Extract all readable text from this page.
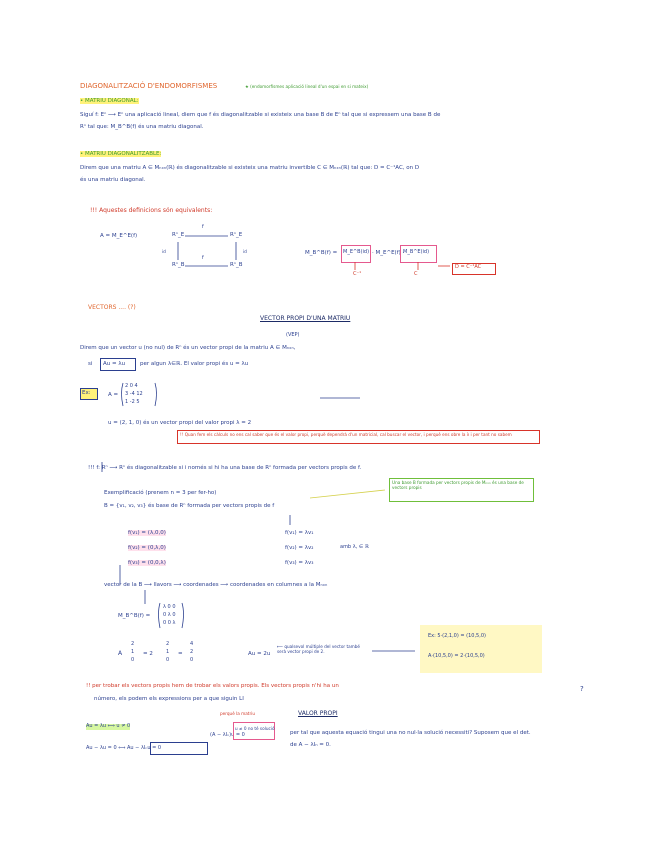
DIAGONALITZACIÓ D'ENDOMORFISMES	★ (endomorfismes aplicació lineal d'un espai en si mateix)
• MATRIU DIAGONAL:
Siguí f: Eⁿ ⟶ Eⁿ una aplicació lineal, diem que f és diagonalitzable si existeix una base B de Eⁿ tal que si expressem una base B de
Rⁿ tal que: M_B^B(f) és una matriu diagonal.
• MATRIU DIAGONALITZABLE:
Direm que una matriu A ∈ Mₙₓₙ(ℝ) és diagonalitzable si existeix una matriu invertible C ∈ Mₙₓₙ(ℝ) tal que: D = C⁻¹AC, on D
és una matriu diagonal.
!!! Aquestes definicions són equivalents:
A = M_E^E(f)	Rⁿ_E	Rⁿ_E
f
Rⁿ_B	Rⁿ_B
f
id	id	M_B^B(f) = M_E^B(id) · M_E^E(f) ·
M_B^E(id)
C⁻¹	C
D = C⁻¹AC
VECTORS .... (?)
VECTOR PROPI D'UNA MATRIU
(VEP)
Direm que un vector u (no nul) de Rⁿ és un vector propi de la matriu A ∈ Mₙₓₙ,
si Au = λu	per algun λ∈ℝ. El valor propi és u = λu
Ex:	A =
2 0 4
3 -4 12
1 -2 5
u = (2, 1, 0) és un vector propi del valor propi λ = 2
!! Quan fem els càlculs no ens cal saber que és el valor propi, perquè dependrà d'un matricial, cal buscar el vector, i perquè ens obre la λ i per tant no sabem
!!! f: Rⁿ ⟶ Rⁿ és diagonalitzable si i només si hi ha una base de Rⁿ formada per vectors propis de f.
Exemplificació (prenem n = 3 per fer-ho)
B = {v₁, v₂, v₃} és base de Rⁿ formada per vectors propis de f
Una base B formada per vectors propis de Mₙₓₙ és una base de vectors propis
f(v₁) = (λ,0,0)
f(v₂) = (0,λ,0)
f(v₃) = (0,0,λ)
f(v₁) = λv₁
f(v₂) = λv₂
f(v₃) = λv₃
amb λ, ∈ ℝ
vector de la B ⟶ llavors ⟶ coordenades ⟶ coordenades en columnes a la Mₙₓₙ
M_B^B(f) =
λ 0 0
0 λ 0
0 0 λ
A
2
1
0
= 2
2
1
0
=
4
2
0
Au = 2u
⟵ qualsevol múltiple del vector també serà vector propi de 2.
Ex: 5·(2,1,0) = (10,5,0)
A·(10,5,0) = 2·(10,5,0)
!! per trobar els vectors propis hem de trobar els valors propis. Els vectors propis n'hi ha un
número, els podem els expressions per a que siguin LI
VALOR PROPI
?
Au = λu ⟺ u ≠ 0
Au − λu = 0 ⟺ Au − λIₙu = 0
(A − λIₙ)u = 0
perquè la matriu
u ≠ 0 no té solució
per tal que aquesta equació tingui una no nul·la solució necessiti? Suposem que el det.
de A − λIₙ = 0.
